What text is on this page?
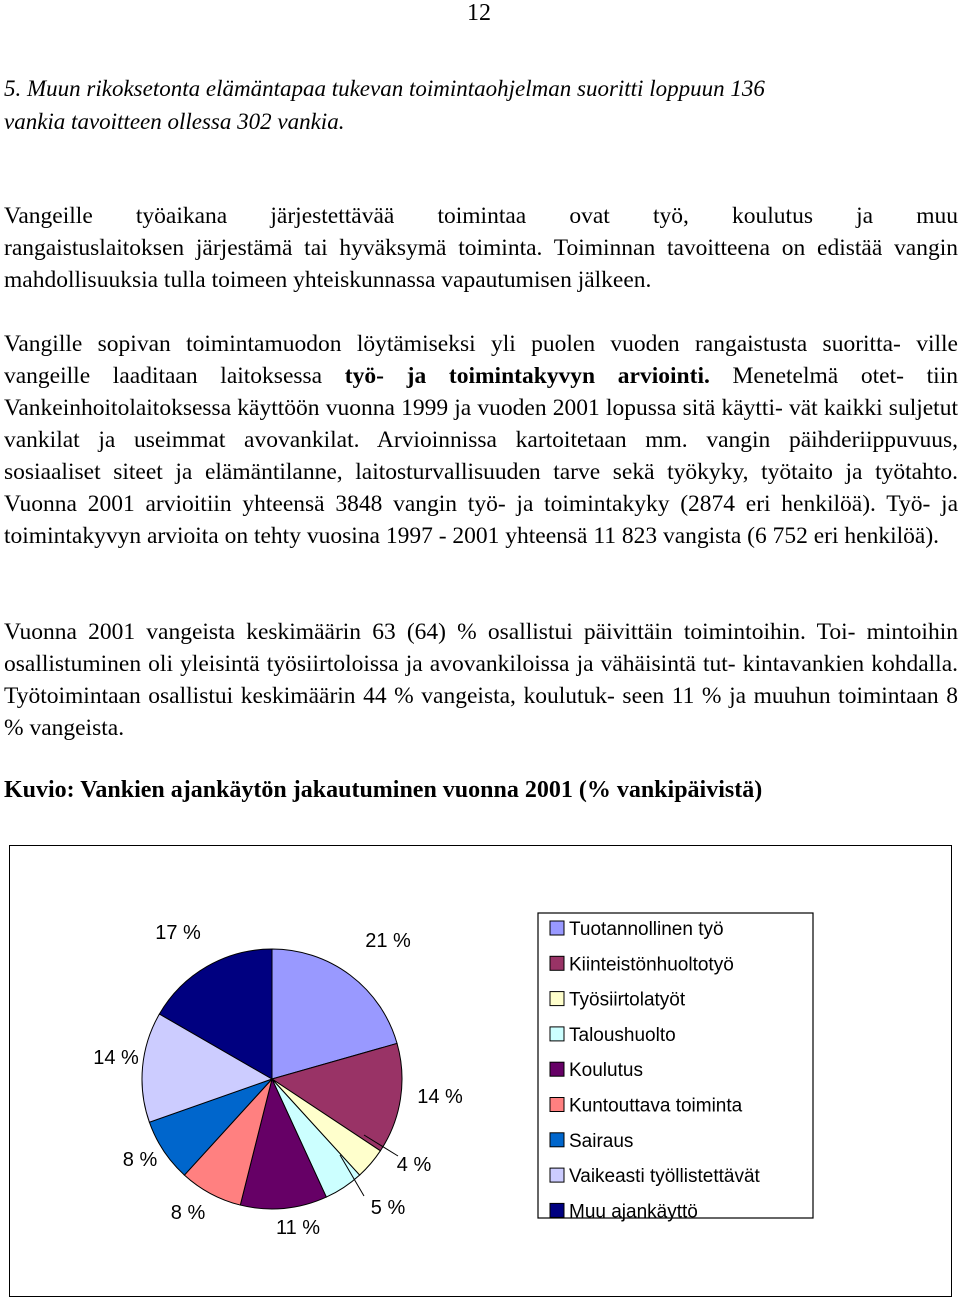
12
5. Muun rikoksetonta elämäntapaa tukevan toimintaohjelman suoritti loppuun 136
vankia tavoitteen ollessa 302 vankia.
Vangeille työaikana järjestettävää toimintaa ovat työ, koulutus ja muu
rangaistuslaitoksen järjestämä tai hyväksymä toiminta. Toiminnan tavoitteena on edistää vangin mahdollisuuksia tulla toimeen yhteiskunnassa vapautumisen jälkeen.
Vangille sopivan toimintamuodon löytämiseksi yli puolen vuoden rangaistusta suoritta- ville vangeille laaditaan laitoksessa työ- ja toimintakyvyn arviointi. Menetelmä otet- tiin Vankeinhoitolaitoksessa käyttöön vuonna 1999 ja vuoden 2001 lopussa sitä käytti- vät kaikki suljetut vankilat ja useimmat avovankilat. Arvioinnissa kartoitetaan mm. vangin päihderiippuvuus, sosiaaliset siteet ja elämäntilanne, laitosturvallisuuden tarve sekä työkyky, työtaito ja työtahto. Vuonna 2001 arvioitiin yhteensä 3848 vangin työ- ja toimintakyky (2874 eri henkilöä). Työ- ja toimintakyvyn arvioita on tehty vuosina 1997 - 2001 yhteensä 11 823 vangista (6 752 eri henkilöä).
Vuonna 2001 vangeista keskimäärin 63 (64) % osallistui päivittäin toimintoihin. Toi- mintoihin osallistuminen oli yleisintä työsiirtoloissa ja avovankiloissa ja vähäisintä tut- kintavankien kohdalla. Työtoimintaan osallistui keskimäärin 44 % vangeista, koulutuk- seen 11 % ja muuhun toimintaan 8 % vangeista.
Kuvio: Vankien ajankäytön jakautuminen vuonna 2001 (% vankipäivistä)
21 %
14 %
4 %
5 %
11 %
8 %
8 %
14 %
17 %	Tuotannollinen työ
Kiinteistönhuoltotyö
Työsiirtolatyöt
Taloushuolto
Koulutus
Kuntouttava toiminta
Sairaus
Vaikeasti työllistettävät
Muu ajankäyttö
